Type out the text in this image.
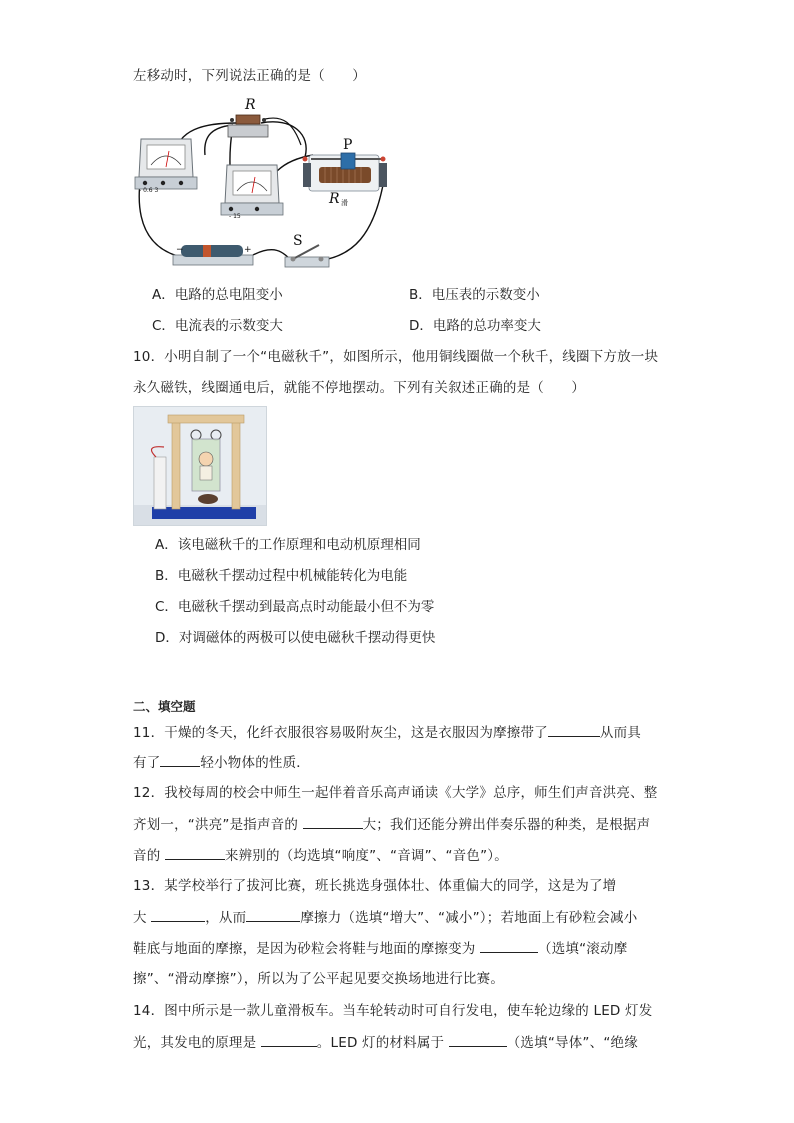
左移动时，下列说法正确的是（　　）
R
- 0.6 3
- 15
P
R 滑
−	+
S
A．电路的总电阻变小	B．电压表的示数变小
C．电流表的示数变大	D．电路的总功率变大
10．小明自制了一个“电磁秋千”，如图所示，他用铜线圈做一个秋千，线圈下方放一块
永久磁铁，线圈通电后，就能不停地摆动。下列有关叙述正确的是（　　）
A．该电磁秋千的工作原理和电动机原理相同
B．电磁秋千摆动过程中机械能转化为电能
C．电磁秋千摆动到最高点时动能最小但不为零
D．对调磁体的两极可以使电磁秋千摆动得更快
二、填空题
11．干燥的冬天，化纤衣服很容易吸附灰尘，这是衣服因为摩擦带了	从而具
有了	轻小物体的性质．
12．我校每周的校会中师生一起伴着音乐高声诵读《大学》总序，师生们声音洪亮、整
齐划一，“洪亮”是指声音的	大；我们还能分辨出伴奏乐器的种类，是根据声
音的	来辨别的（均选填“响度”、“音调”、“音色”）。
13．某学校举行了拔河比赛，班长挑选身强体壮、体重偏大的同学，这是为了增
大	，从而	摩擦力（选填“增大”、“减小”）；若地面上有砂粒会减小
鞋底与地面的摩擦，是因为砂粒会将鞋与地面的摩擦变为	（选填“滚动摩
擦”、“滑动摩擦”），所以为了公平起见要交换场地进行比赛。
14．图中所示是一款儿童滑板车。当车轮转动时可自行发电，使车轮边缘的 LED 灯发
光，其发电的原理是	。LED 灯的材料属于	（选填“导体”、“绝缘
